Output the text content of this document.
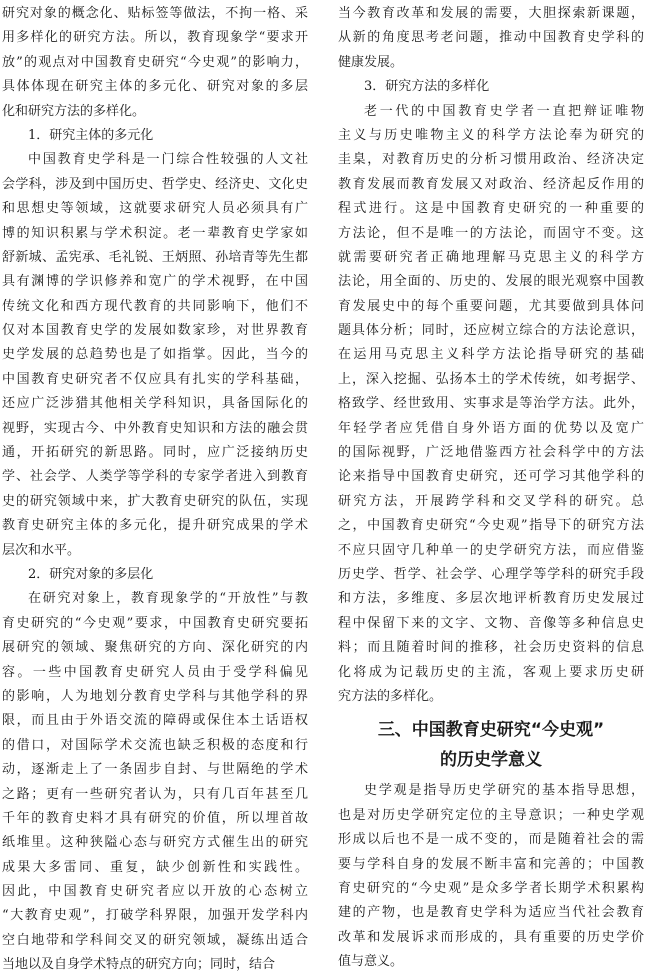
研究对象的概念化、贴标签等做法，不拘一格、采
用多样化的研究方法。所以，教育现象学“要求开
放”的观点对中国教育史研究“今史观”的影响力，
具体体现在研究主体的多元化、研究对象的多层
化和研究方法的多样化。
1．研究主体的多元化
中国教育史学科是一门综合性较强的人文社
会学科，涉及到中国历史、哲学史、经济史、文化史
和思想史等领域，这就要求研究人员必须具有广
博的知识积累与学术积淀。老一辈教育史学家如
舒新城、孟宪承、毛礼锐、王炳照、孙培青等先生都
具有渊博的学识修养和宽广的学术视野，在中国
传统文化和西方现代教育的共同影响下，他们不
仅对本国教育史学的发展如数家珍，对世界教育
史学发展的总趋势也是了如指掌。因此，当今的
中国教育史研究者不仅应具有扎实的学科基础，
还应广泛涉猎其他相关学科知识，具备国际化的
视野，实现古今、中外教育史知识和方法的融会贯
通，开拓研究的新思路。同时，应广泛接纳历史
学、社会学、人类学等学科的专家学者进入到教育
史的研究领域中来，扩大教育史研究的队伍，实现
教育史研究主体的多元化，提升研究成果的学术
层次和水平。
2．研究对象的多层化
在研究对象上，教育现象学的“开放性”与教
育史研究的“今史观”要求，中国教育史研究要拓
展研究的领域、聚焦研究的方向、深化研究的内
容。一些中国教育史研究人员由于受学科偏见
的影响，人为地划分教育史学科与其他学科的界
限，而且由于外语交流的障碍或保住本土话语权
的借口，对国际学术交流也缺乏积极的态度和行
动，逐渐走上了一条固步自封、与世隔绝的学术
之路；更有一些研究者认为，只有几百年甚至几
千年的教育史料才具有研究的价值，所以埋首故
纸堆里。这种狭隘心态与研究方式催生出的研究
成果大多雷同、重复，缺少创新性和实践性。
因此，中国教育史研究者应以开放的心态树立
“大教育史观”，打破学科界限，加强开发学科内
空白地带和学科间交叉的研究领域，凝练出适合
当地以及自身学术特点的研究方向；同时，结合
当今教育改革和发展的需要，大胆探索新课题，
从新的角度思考老问题，推动中国教育史学科的
健康发展。
3．研究方法的多样化
老一代的中国教育史学者一直把辩证唯物
主义与历史唯物主义的科学方法论奉为研究的
圭臬，对教育历史的分析习惯用政治、经济决定
教育发展而教育发展又对政治、经济起反作用的
程式进行。这是中国教育史研究的一种重要的
方法论，但不是唯一的方法论，而固守不变。这
就需要研究者正确地理解马克思主义的科学方
法论，用全面的、历史的、发展的眼光观察中国教
育发展史中的每个重要问题，尤其要做到具体问
题具体分析；同时，还应树立综合的方法论意识，
在运用马克思主义科学方法论指导研究的基础
上，深入挖掘、弘扬本土的学术传统，如考据学、
格致学、经世致用、实事求是等治学方法。此外，
年轻学者应凭借自身外语方面的优势以及宽广
的国际视野，广泛地借鉴西方社会科学中的方法
论来指导中国教育史研究，还可学习其他学科的
研究方法，开展跨学科和交叉学科的研究。总
之，中国教育史研究“今史观”指导下的研究方法
不应只固守几种单一的史学研究方法，而应借鉴
历史学、哲学、社会学、心理学等学科的研究手段
和方法，多维度、多层次地评析教育历史发展过
程中保留下来的文字、文物、音像等多种信息史
料；而且随着时间的推移，社会历史资料的信息
化将成为记载历史的主流，客观上要求历史研
究方法的多样化。
三、中国教育史研究“今史观”
的历史学意义
史学观是指导历史学研究的基本指导思想，
也是对历史学研究定位的主导意识；一种史学观
形成以后也不是一成不变的，而是随着社会的需
要与学科自身的发展不断丰富和完善的；中国教
育史研究的“今史观”是众多学者长期学术积累构
建的产物，也是教育史学科为适应当代社会教育
改革和发展诉求而形成的，具有重要的历史学价
值与意义。
